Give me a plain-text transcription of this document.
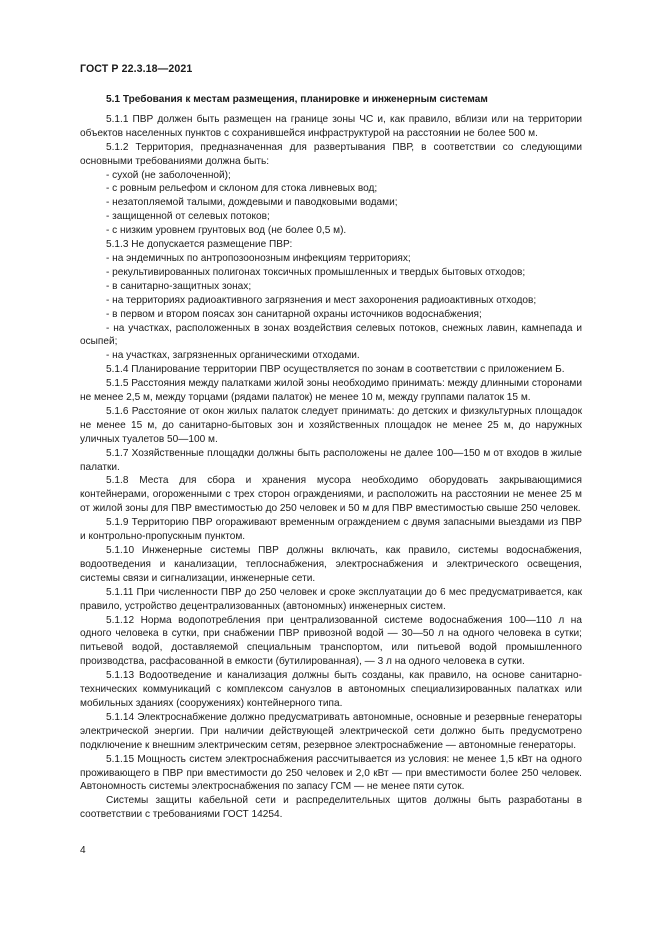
ГОСТ Р 22.3.18—2021
5.1 Требования к местам размещения, планировке и инженерным системам

5.1.1 ПВР должен быть размещен на границе зоны ЧС и, как правило, вблизи или на территории объектов населенных пунктов с сохранившейся инфраструктурой на расстоянии не более 500 м.

5.1.2 Территория, предназначенная для развертывания ПВР, в соответствии со следующими основными требованиями должна быть:

- сухой (не заболоченной);

- с ровным рельефом и склоном для стока ливневых вод;

- незатопляемой талыми, дождевыми и паводковыми водами;

- защищенной от селевых потоков;

- с низким уровнем грунтовых вод (не более 0,5 м).

5.1.3 Не допускается размещение ПВР:

- на эндемичных по антропозоонозным инфекциям территориях;

- рекультивированных полигонах токсичных промышленных и твердых бытовых отходов;

- в санитарно-защитных зонах;

- на территориях радиоактивного загрязнения и мест захоронения радиоактивных отходов;

- в первом и втором поясах зон санитарной охраны источников водоснабжения;

- на участках, расположенных в зонах воздействия селевых потоков, снежных лавин, камнепада и осыпей;

- на участках, загрязненных органическими отходами.

5.1.4 Планирование территории ПВР осуществляется по зонам в соответствии с приложением Б.

5.1.5 Расстояния между палатками жилой зоны необходимо принимать: между длинными сторонами не менее 2,5 м, между торцами (рядами палаток) не менее 10 м, между группами палаток 15 м.

5.1.6 Расстояние от окон жилых палаток следует принимать: до детских и физкультурных площадок не менее 15 м, до санитарно-бытовых зон и хозяйственных площадок не менее 25 м, до наружных уличных туалетов 50—100 м.

5.1.7 Хозяйственные площадки должны быть расположены не далее 100—150 м от входов в жилые палатки.

5.1.8 Места для сбора и хранения мусора необходимо оборудовать закрывающимися контейнерами, огороженными с трех сторон ограждениями, и расположить на расстоянии не менее 25 м от жилой зоны для ПВР вместимостью до 250 человек и 50 м для ПВР вместимостью свыше 250 человек.

5.1.9 Территорию ПВР огораживают временным ограждением с двумя запасными выездами из ПВР и контрольно-пропускным пунктом.

5.1.10 Инженерные системы ПВР должны включать, как правило, системы водоснабжения, водоотведения и канализации, теплоснабжения, электроснабжения и электрического освещения, системы связи и сигнализации, инженерные сети.

5.1.11 При численности ПВР до 250 человек и сроке эксплуатации до 6 мес предусматривается, как правило, устройство децентрализованных (автономных) инженерных систем.

5.1.12 Норма водопотребления при централизованной системе водоснабжения 100—110 л на одного человека в сутки, при снабжении ПВР привозной водой — 30—50 л на одного человека в сутки; питьевой водой, доставляемой специальным транспортом, или питьевой водой промышленного производства, расфасованной в емкости (бутилированная), — 3 л на одного человека в сутки.

5.1.13 Водоотведение и канализация должны быть созданы, как правило, на основе санитарно-технических коммуникаций с комплексом санузлов в автономных специализированных палатках или мобильных зданиях (сооружениях) контейнерного типа.

5.1.14 Электроснабжение должно предусматривать автономные, основные и резервные генераторы электрической энергии. При наличии действующей электрической сети должно быть предусмотрено подключение к внешним электрическим сетям, резервное электроснабжение — автономные генераторы.

5.1.15 Мощность систем электроснабжения рассчитывается из условия: не менее 1,5 кВт на одного проживающего в ПВР при вместимости до 250 человек и 2,0 кВт — при вместимости более 250 человек. Автономность системы электроснабжения по запасу ГСМ — не менее пяти суток.

Системы защиты кабельной сети и распределительных щитов должны быть разработаны в соответствии с требованиями ГОСТ 14254.

4
